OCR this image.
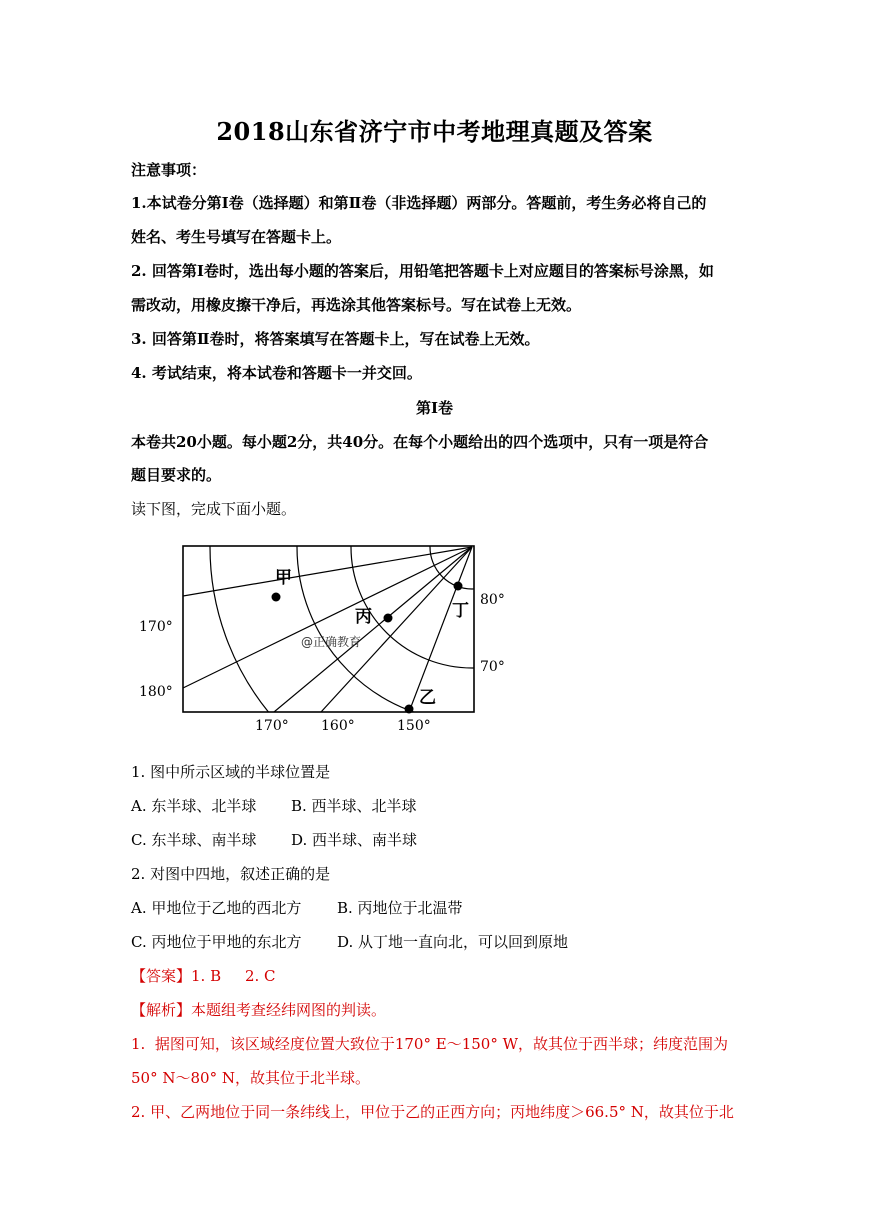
2018山东省济宁市中考地理真题及答案
注意事项：
1.本试卷分第Ⅰ卷（选择题）和第Ⅱ卷（非选择题）两部分。答题前，考生务必将自己的
姓名、考生号填写在答题卡上。
2. 回答第Ⅰ卷时，选出每小题的答案后，用铅笔把答题卡上对应题目的答案标号涂黑，如
需改动，用橡皮擦干净后，再选涂其他答案标号。写在试卷上无效。
3. 回答第Ⅱ卷时，将答案填写在答题卡上，写在试卷上无效。
4. 考试结束，将本试卷和答题卡一并交回。
第Ⅰ卷
本卷共20小题。每小题2分，共40分。在每个小题给出的四个选项中，只有一项是符合
题目要求的。
读下图，完成下面小题。
甲
丙	丁
乙
170°
180°
80°
70°
170° 160°	150°
@正确教育
1. 图中所示区域的半球位置是
A. 东半球、北半球 B. 西半球、北半球
C. 东半球、南半球 D. 西半球、南半球
2. 对图中四地，叙述正确的是
A. 甲地位于乙地的西北方 B. 丙地位于北温带
C. 丙地位于甲地的东北方 D. 从丁地一直向北，可以回到原地
【答案】1. B     2. C
【解析】本题组考查经纬网图的判读。
1.  据图可知，该区域经度位置大致位于170° E～150° W，故其位于西半球；纬度范围为
50° N～80° N，故其位于北半球。
2. 甲、乙两地位于同一条纬线上，甲位于乙的正西方向；丙地纬度＞66.5° N，故其位于北
